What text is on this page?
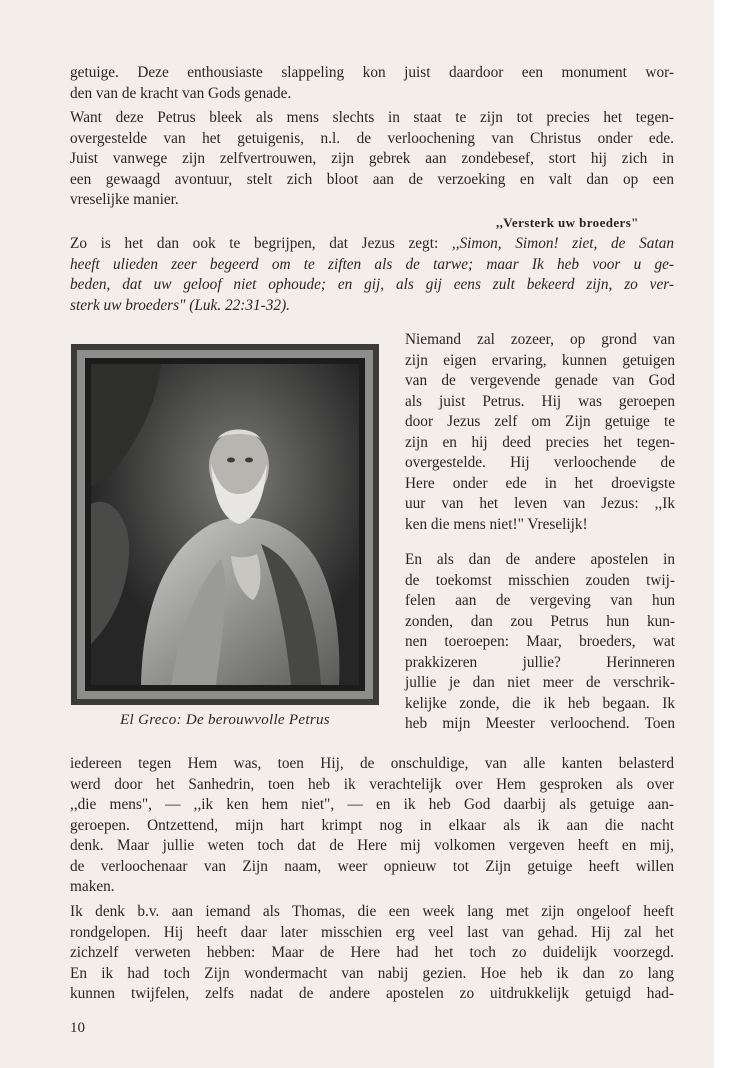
getuige. Deze enthousiaste slappeling kon juist daardoor een monument wor-

den van de kracht van Gods genade.

Want deze Petrus bleek als mens slechts in staat te zijn tot precies het tegen-

overgestelde van het getuigenis, n.l. de verloochening van Christus onder ede.

Juist vanwege zijn zelfvertrouwen, zijn gebrek aan zondebesef, stort hij zich in

een gewaagd avontuur, stelt zich bloot aan de verzoeking en valt dan op een

vreselijke manier.

,,Versterk uw broeders"

Zo is het dan ook te begrijpen, dat Jezus zegt: ,,Simon, Simon! ziet, de Satan

heeft ulieden zeer begeerd om te ziften als de tarwe; maar Ik heb voor u ge-

beden, dat uw geloof niet ophoude; en gij, als gij eens zult bekeerd zijn, zo ver-

sterk uw broeders" (Luk. 22:31-32).

El Greco: De berouwvolle Petrus

Niemand zal zozeer, op grond van

zijn eigen ervaring, kunnen getuigen

van de vergevende genade van God

als juist Petrus. Hij was geroepen

door Jezus zelf om Zijn getuige te

zijn en hij deed precies het tegen-

overgestelde. Hij verloochende de

Here onder ede in het droevigste

uur van het leven van Jezus: ,,Ik

ken die mens niet!" Vreselijk!

En als dan de andere apostelen in

de toekomst misschien zouden twij-

felen aan de vergeving van hun

zonden, dan zou Petrus hun kun-

nen toeroepen: Maar, broeders, wat

prakkizeren jullie? Herinneren

jullie je dan niet meer de verschrik-

kelijke zonde, die ik heb begaan. Ik

heb mijn Meester verloochend. Toen

iedereen tegen Hem was, toen Hij, de onschuldige, van alle kanten belasterd

werd door het Sanhedrin, toen heb ik verachtelijk over Hem gesproken als over

,,die mens", — ,,ik ken hem niet", — en ik heb God daarbij als getuige aan-

geroepen. Ontzettend, mijn hart krimpt nog in elkaar als ik aan die nacht

denk. Maar jullie weten toch dat de Here mij volkomen vergeven heeft en mij,

de verloochenaar van Zijn naam, weer opnieuw tot Zijn getuige heeft willen

maken.

Ik denk b.v. aan iemand als Thomas, die een week lang met zijn ongeloof heeft

rondgelopen. Hij heeft daar later misschien erg veel last van gehad. Hij zal het

zichzelf verweten hebben: Maar de Here had het toch zo duidelijk voorzegd.

En ik had toch Zijn wondermacht van nabij gezien. Hoe heb ik dan zo lang

kunnen twijfelen, zelfs nadat de andere apostelen zo uitdrukkelijk getuigd had-

10
